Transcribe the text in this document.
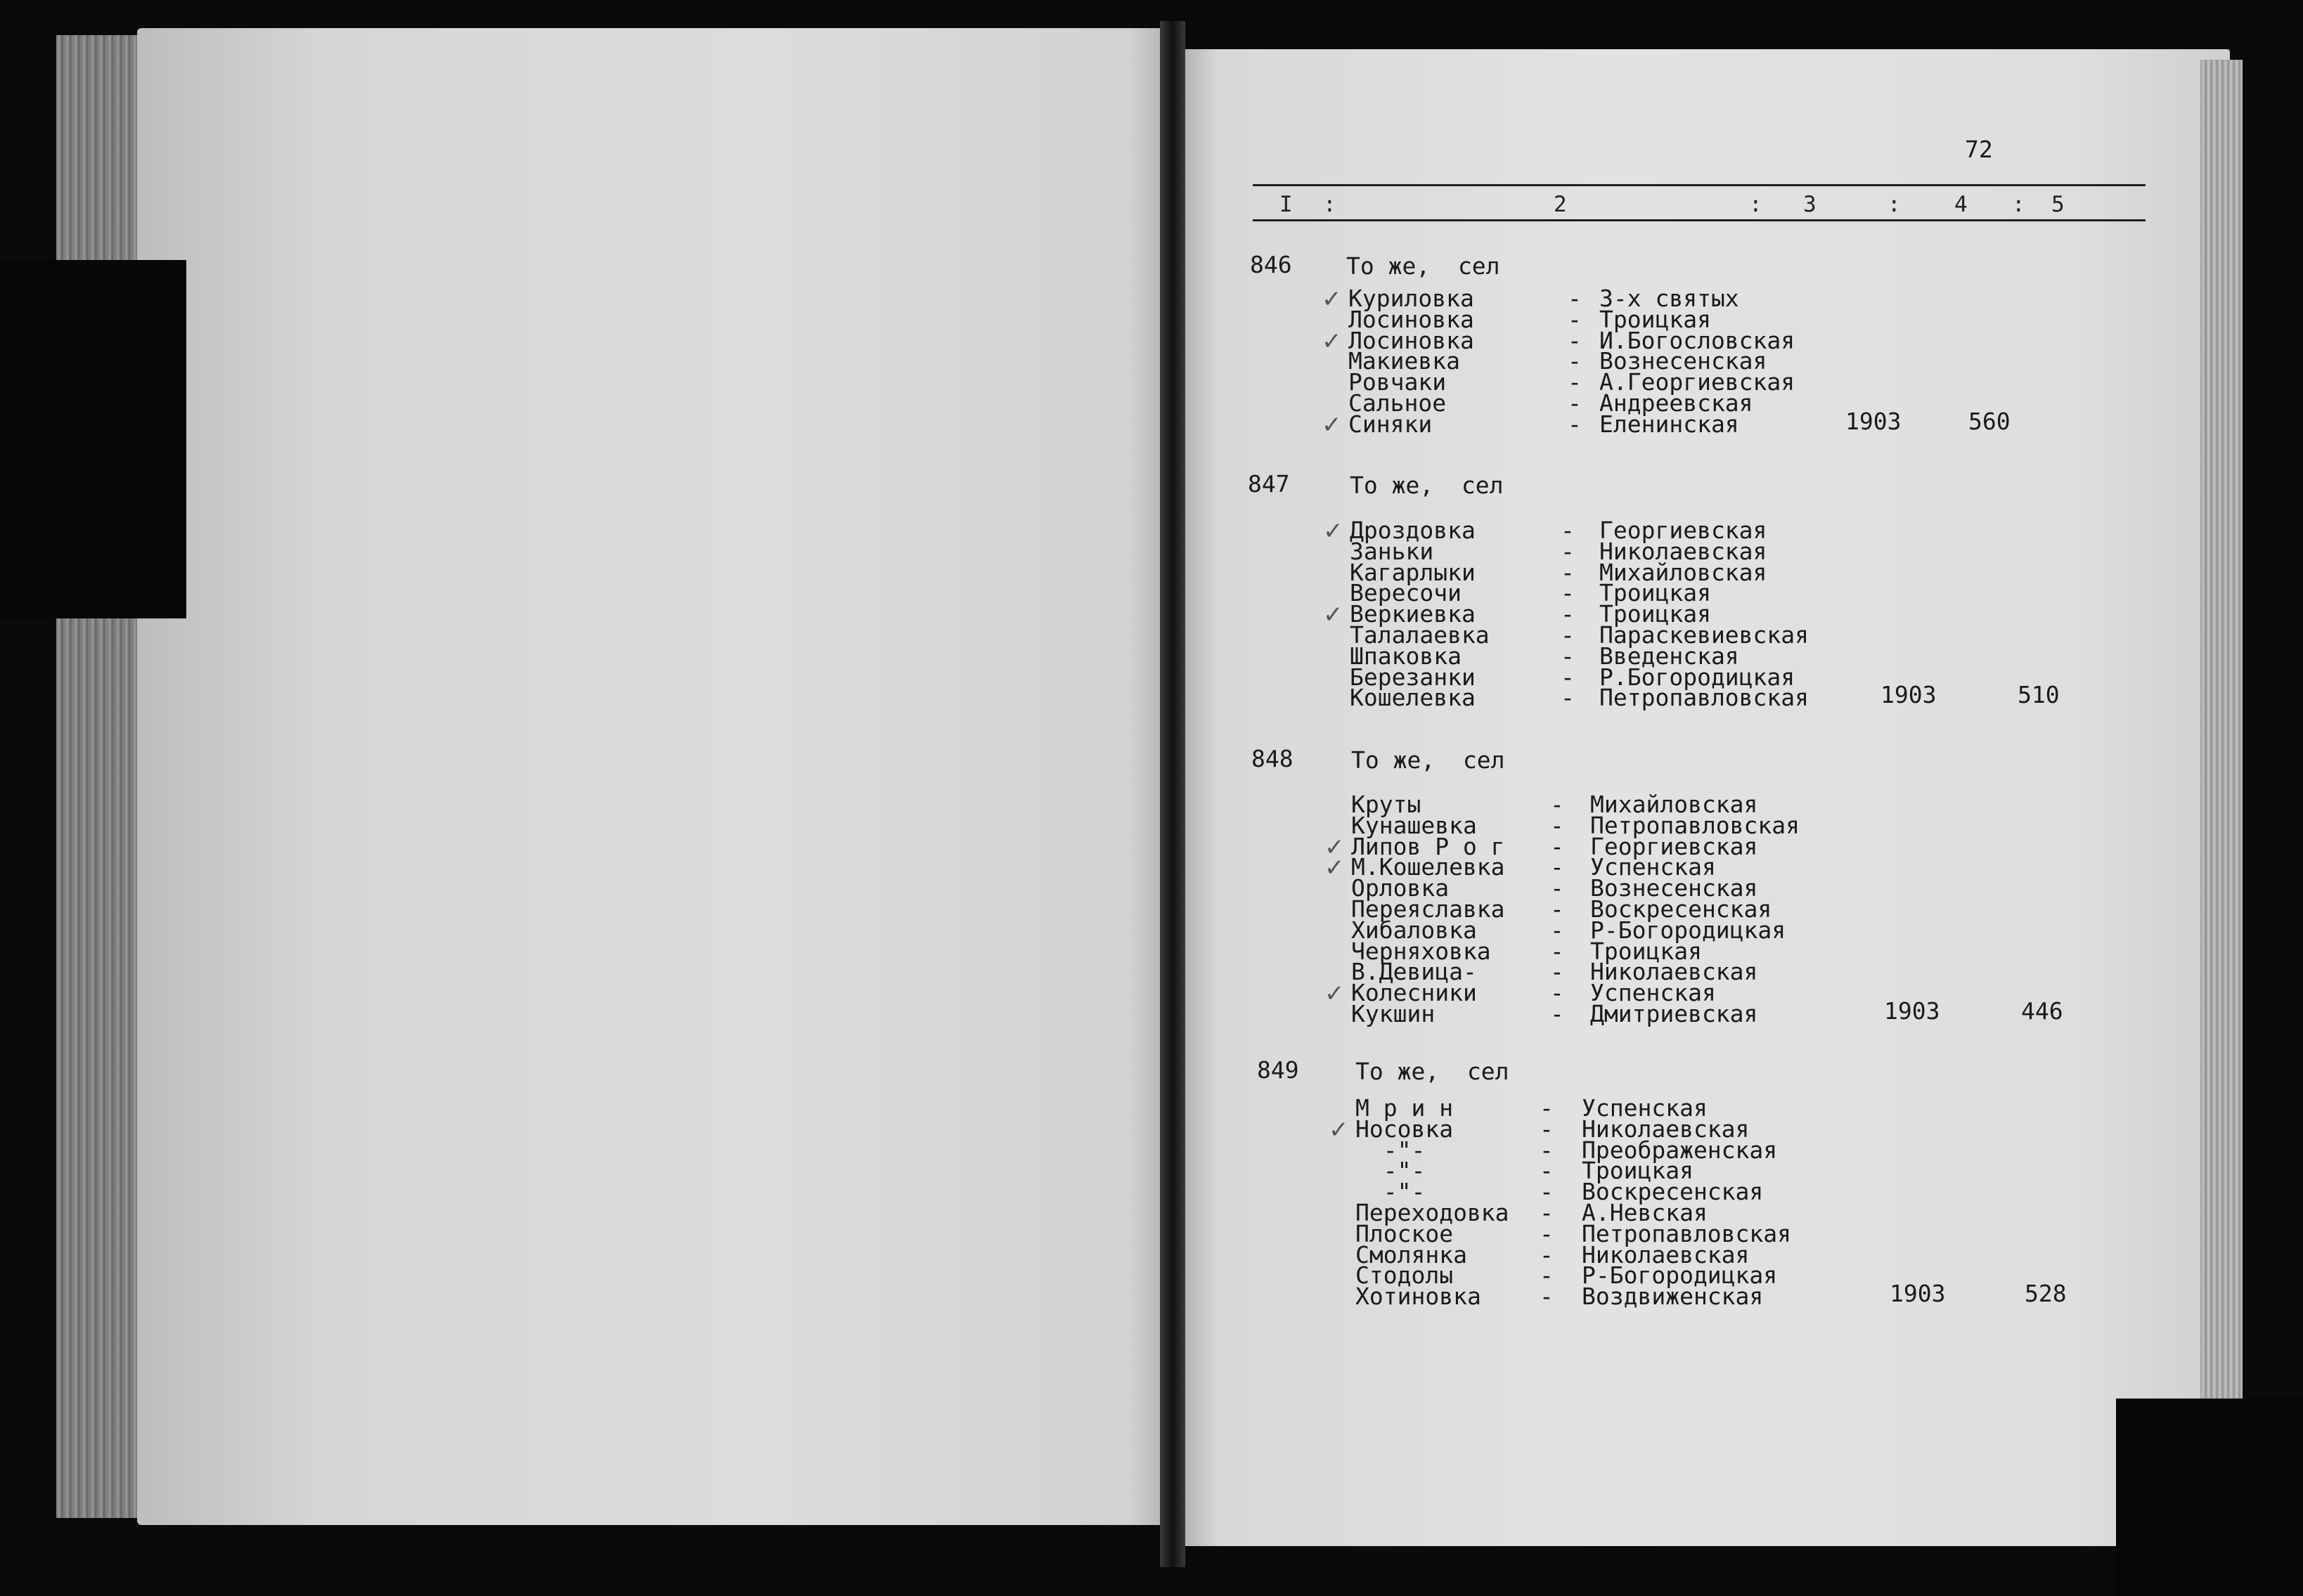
72
I :	2	: 3	: 4 : 5
846 То же,  сел
✓ Куриловка	- 3-х святых
Лосиновка	- Троицкая
✓ Лосиновка	- И.Богословская
Макиевка	- Вознесенская
Ровчаки	- А.Георгиевская
Сальное	- Андреевская
✓ Синяки	- Еленинская	1903	560
847	То же,  сел
✓ Дроздовка	- Георгиевская
Заньки	- Николаевская
Кагарлыки	- Михайловская
Вересочи	- Троицкая
✓ Веркиевка	- Троицкая
Талалаевка	- Параскевиевская
Шпаковка	- Введенская
Березанки	- Р.Богородицкая
Кошелевка	- Петропавловская	1903	510
848 То же,  сел
Круты	- Михайловская
Кунашевка	- Петропавловская
✓ Липов Р о г - Георгиевская
✓ М.Кошелевка - Успенская
Орловка	- Вознесенская
Переяславка - Воскресенская
Хибаловка	- Р-Богородицкая
Черняховка	- Троицкая
В.Девица-	- Николаевская
✓ Колесники	- Успенская
Кукшин	- Дмитриевская	1903	446
849 То же,  сел
М р и н	- Успенская
✓ Носовка	- Николаевская
-"-	- Преображенская
-"-	- Троицкая
-"-	- Воскресенская
Переходовка - А.Невская
Плоское	- Петропавловская
Смолянка	- Николаевская
Стодолы	- Р-Богородицкая
Хотиновка	- Воздвиженская	1903	528
